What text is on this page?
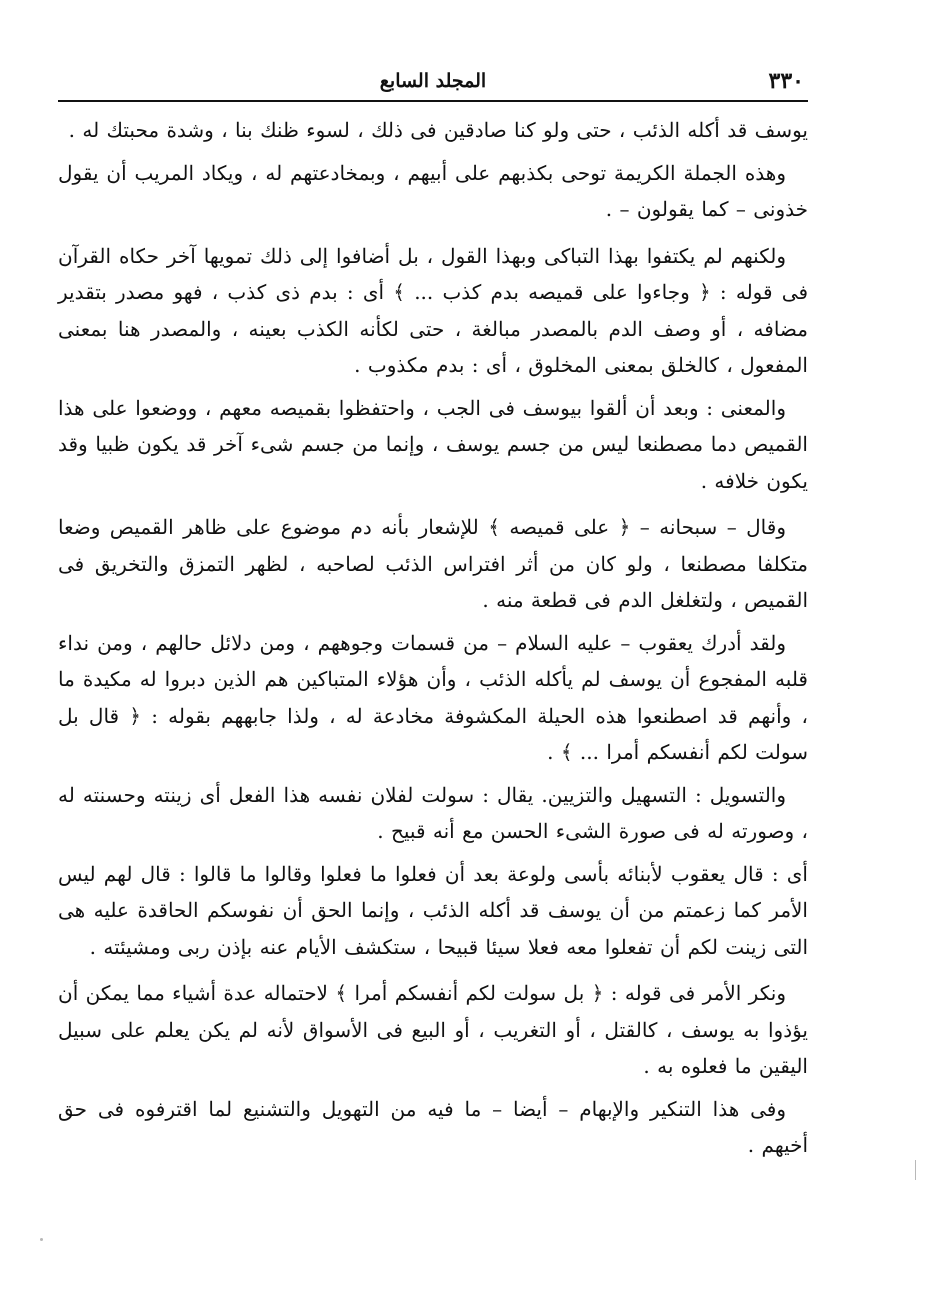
٣٣٠
المجلد السابع

يوسف قد أكله الذئب ، حتى ولو كنا صادقين فى ذلك ، لسوء ظنك بنا ، وشدة محبتك له .

وهذه الجملة الكريمة توحى بكذبهم على أبيهم ، وبمخادعتهم له ، ويكاد المريب أن يقول خذونى – كما يقولون – .

ولكنهم لم يكتفوا بهذا التباكى وبهذا القول ، بل أضافوا إلى ذلك تمويها آخر حكاه القرآن فى قوله : ﴿ وجاءوا على قميصه بدم كذب ... ﴾ أى : بدم ذى كذب ، فهو مصدر بتقدير مضافه ، أو وصف الدم بالمصدر مبالغة ، حتى لكأنه الكذب بعينه ، والمصدر هنا بمعنى المفعول ، كالخلق بمعنى المخلوق ، أى : بدم مكذوب .

والمعنى : وبعد أن ألقوا بيوسف فى الجب ، واحتفظوا بقميصه معهم ، ووضعوا على هذا القميص دما مصطنعا ليس من جسم يوسف ، وإنما من جسم شىء آخر قد يكون ظبيا وقد يكون خلافه .

وقال – سبحانه – ﴿ على قميصه ﴾ للإشعار بأنه دم موضوع على ظاهر القميص وضعا متكلفا مصطنعا ، ولو كان من أثر افتراس الذئب لصاحبه ، لظهر التمزق والتخريق فى القميص ، ولتغلغل الدم فى قطعة منه .

ولقد أدرك يعقوب – عليه السلام – من قسمات وجوههم ، ومن دلائل حالهم ، ومن نداء قلبه المفجوع أن يوسف لم يأكله الذئب ، وأن هؤلاء المتباكين هم الذين دبروا له مكيدة ما ، وأنهم قد اصطنعوا هذه الحيلة المكشوفة مخادعة له ، ولذا جابههم بقوله : ﴿ قال بل سولت لكم أنفسكم أمرا ... ﴾ .

والتسويل : التسهيل والتزيين. يقال : سولت لفلان نفسه هذا الفعل أى زينته وحسنته له ، وصورته له فى صورة الشىء الحسن مع أنه قبيح .

أى : قال يعقوب لأبنائه بأسى ولوعة بعد أن فعلوا ما فعلوا وقالوا ما قالوا : قال لهم ليس الأمر كما زعمتم من أن يوسف قد أكله الذئب ، وإنما الحق أن نفوسكم الحاقدة عليه هى التى زينت لكم أن تفعلوا معه فعلا سيئا قبيحا ، ستكشف الأيام عنه بإذن ربى ومشيئته .

ونكر الأمر فى قوله : ﴿ بل سولت لكم أنفسكم أمرا ﴾ لاحتماله عدة أشياء مما يمكن أن يؤذوا به يوسف ، كالقتل ، أو التغريب ، أو البيع فى الأسواق لأنه لم يكن يعلم على سبيل اليقين ما فعلوه به .

وفى هذا التنكير والإبهام – أيضا – ما فيه من التهويل والتشنيع لما اقترفوه فى حق أخيهم .
